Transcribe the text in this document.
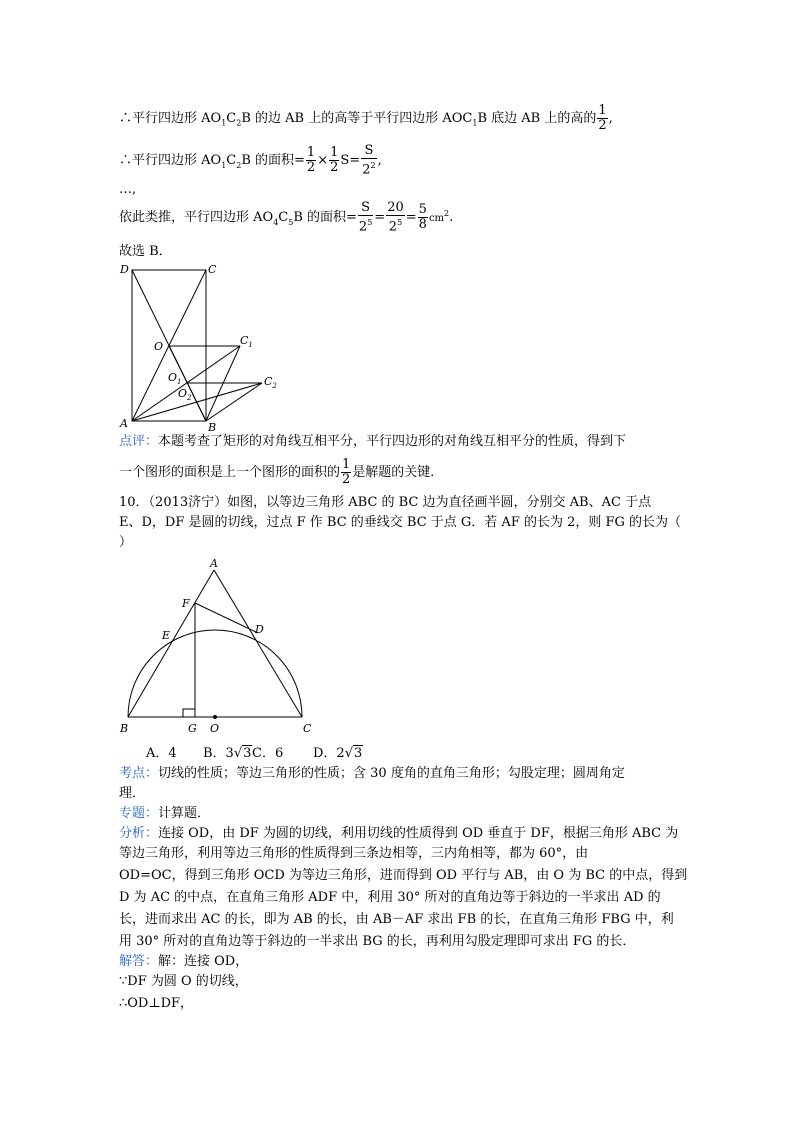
∴平行四边形 $AO_1C_2B$ 的边 AB 上的高等于平行四边形 $AOC_1B$ 底边 AB 上的高的 $\frac{1}{2}$ ,
∴平行四边形 $AO_1C_2B$ 的面积= $\frac{1}{2} \times \frac{1}{2} S= \frac{S}{2^2}$ ,
…,
依此类推，平行四边形 $AO_4C_5B$ 的面积= $\frac{S}{2^5} = \frac{20}{2^5} = \frac{5}{8} cm^2$.
故选 B．
D	C
O	$C_1$
$O_1$
$O_2$
$C_2$
A	B
点评：本题考查了矩形的对角线互相平分，平行四边形的对角线互相平分的性质，得到下
一个图形的面积是上一个图形的面积的 $\frac{1}{2}$ 是解题的关键．
10．（2013济宁）如图，以等边三角形 ABC 的 BC 边为直径画半圆，分别交 AB、AC 于点
E、D，DF 是圆的切线，过点 F 作 BC 的垂线交 BC 于点 G．若 AF 的长为 2，则 FG 的长为（
）
A
F
E	D
B	G O	C
A．4 B．3√3 C．6 D．2√3
考点：切线的性质；等边三角形的性质；含 30 度角的直角三角形；勾股定理；圆周角定
理．
专题：计算题．
分析：连接 OD，由 DF 为圆的切线，利用切线的性质得到 OD 垂直于 DF，根据三角形 ABC 为
等边三角形，利用等边三角形的性质得到三条边相等，三内角相等，都为 60°，由
OD=OC，得到三角形 OCD 为等边三角形，进而得到 OD 平行与 AB，由 O 为 BC 的中点，得到
D 为 AC 的中点，在直角三角形 ADF 中，利用 30° 所对的直角边等于斜边的一半求出 AD 的
长，进而求出 AC 的长，即为 AB 的长，由 AB－AF 求出 FB 的长，在直角三角形 FBG 中，利
用 30° 所对的直角边等于斜边的一半求出 BG 的长，再利用勾股定理即可求出 FG 的长．
解答：解：连接 OD，
∵DF 为圆 O 的切线，
∴OD⊥DF，
